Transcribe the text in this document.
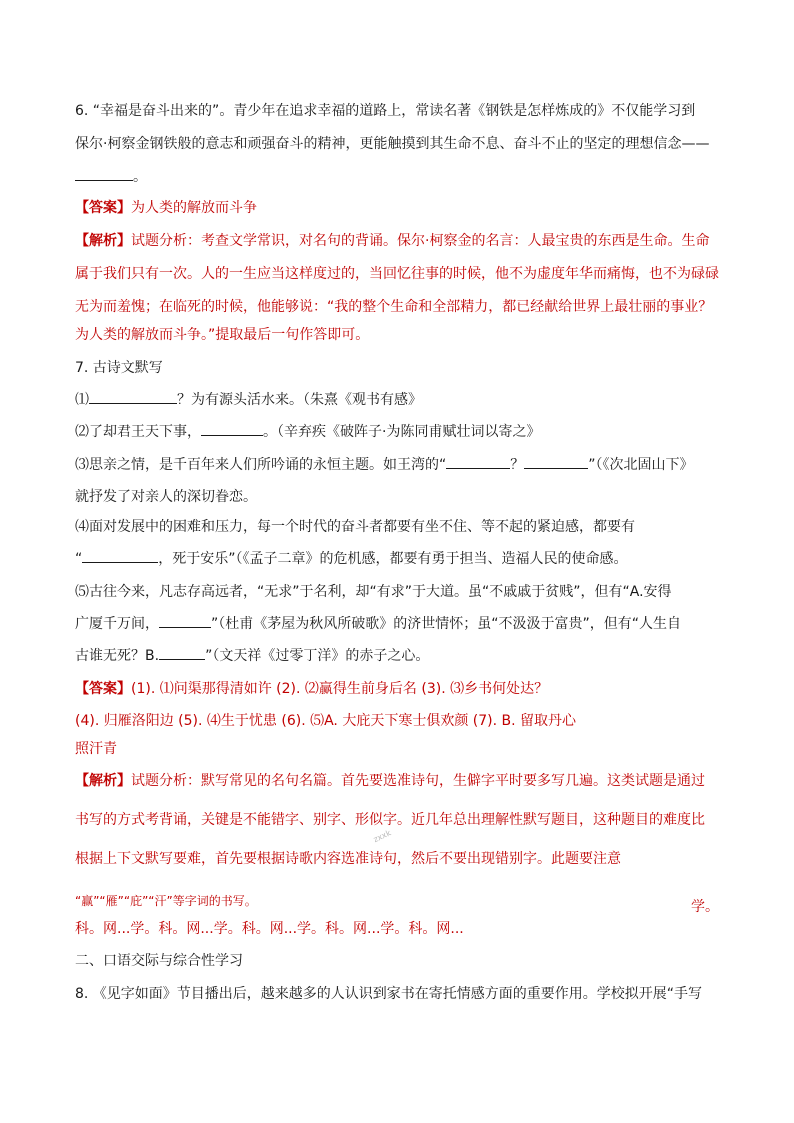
6. “幸福是奋斗出来的”。青少年在追求幸福的道路上，常读名著《钢铁是怎样炼成的》不仅能学习到
保尔·柯察金钢铁般的意志和顽强奋斗的精神，更能触摸到其生命不息、奋斗不止的坚定的理想信念——
。
【答案】为人类的解放而斗争
【解析】试题分析：考查文学常识，对名句的背诵。保尔·柯察金的名言：人最宝贵的东西是生命。生命
属于我们只有一次。人的一生应当这样度过的，当回忆往事的时候，他不为虚度年华而痛悔，也不为碌碌
无为而羞愧；在临死的时候，他能够说：“我的整个生命和全部精力，都已经献给世界上最壮丽的事业？
为人类的解放而斗争。”提取最后一句作答即可。
7. 古诗文默写
⑴	？为有源头活水来。（朱熹《观书有感》
⑵了却君王天下事，	。（辛弃疾《破阵子·为陈同甫赋壮词以寄之》
⑶思亲之情，是千百年来人们所吟诵的永恒主题。如王湾的“	？	”（《次北固山下》
就抒发了对亲人的深切眷恋。
⑷面对发展中的困难和压力，每一个时代的奋斗者都要有坐不住、等不起的紧迫感，都要有
“	，死于安乐”（《孟子二章》的危机感，都要有勇于担当、造福人民的使命感。
⑸古往今来，凡志存高远者，“无求”于名利，却“有求”于大道。虽“不戚戚于贫贱”，但有“A.安得
广厦千万间，	”（杜甫《茅屋为秋风所破歌》的济世情怀；虽“不汲汲于富贵”，但有“人生自
古谁无死？B.	”（文天祥《过零丁洋》的赤子之心。
【答案】(1). ⑴问渠那得清如许 (2). ⑵赢得生前身后名 (3). ⑶乡书何处达？
(4). 归雁洛阳边 (5). ⑷生于忧患 (6). ⑸A. 大庇天下寒士俱欢颜 (7). B. 留取丹心
照汗青
【解析】试题分析：默写常见的名句名篇。首先要选准诗句，生僻字平时要多写几遍。这类试题是通过
书写的方式考背诵，关键是不能错字、别字、形似字。近几年总出理解性默写题目，这种题目的难度比
根据上下文默写要难，首先要根据诗歌内容选准诗句，然后不要出现错别字。此题要注意
“赢”“雁”“庇”“汗”等字词的书写。	学。
科。网...学。科。网...学。科。网...学。科。网...学。科。网...
zxxk
二、口语交际与综合性学习
8. 《见字如面》节目播出后，越来越多的人认识到家书在寄托情感方面的重要作用。学校拟开展“手写
